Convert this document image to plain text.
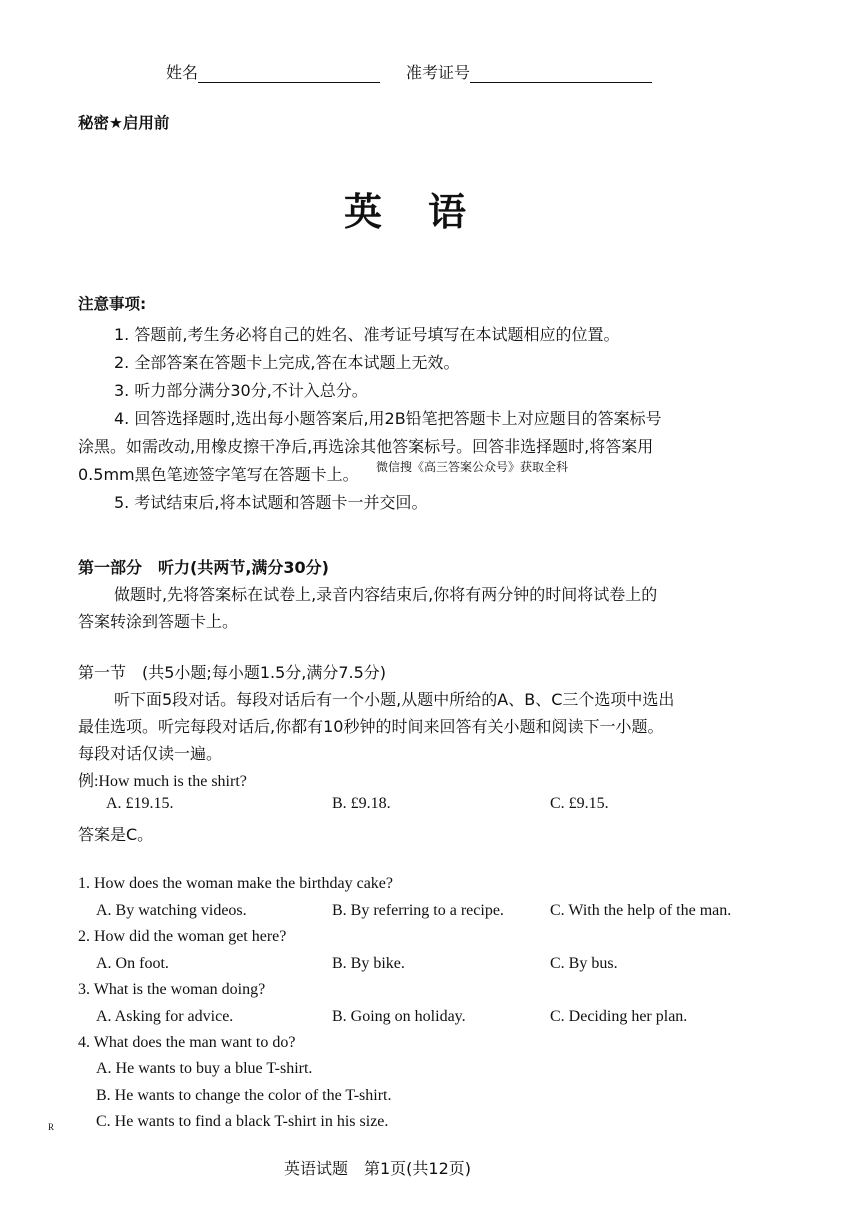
姓名	准考证号
秘密★启用前
英　语
注意事项:
1. 答题前,考生务必将自己的姓名、准考证号填写在本试题相应的位置。
2. 全部答案在答题卡上完成,答在本试题上无效。
3. 听力部分满分30分,不计入总分。
4. 回答选择题时,选出每小题答案后,用2B铅笔把答题卡上对应题目的答案标号
涂黑。如需改动,用橡皮擦干净后,再选涂其他答案标号。回答非选择题时,将答案用
0.5mm黑色笔迹签字笔写在答题卡上。 微信搜《高三答案公众号》获取全科
5. 考试结束后,将本试题和答题卡一并交回。
第一部分　听力(共两节,满分30分)
做题时,先将答案标在试卷上,录音内容结束后,你将有两分钟的时间将试卷上的
答案转涂到答题卡上。
第一节　(共5小题;每小题1.5分,满分7.5分)
听下面5段对话。每段对话后有一个小题,从题中所给的A、B、C三个选项中选出
最佳选项。听完每段对话后,你都有10秒钟的时间来回答有关小题和阅读下一小题。
每段对话仅读一遍。
例:How much is the shirt?
A. £19.15.	B. £9.18.	C. £9.15.
答案是C。
1. How does the woman make the birthday cake?
A. By watching videos.	B. By referring to a recipe.	C. With the help of the man.
2. How did the woman get here?
A. On foot.	B. By bike.	C. By bus.
3. What is the woman doing?
A. Asking for advice.	B. Going on holiday.	C. Deciding her plan.
4. What does the man want to do?
A. He wants to buy a blue T-shirt.
B. He wants to change the color of the T-shirt.
C. He wants to find a black T-shirt in his size.
R
英语试题　第1页(共12页)
